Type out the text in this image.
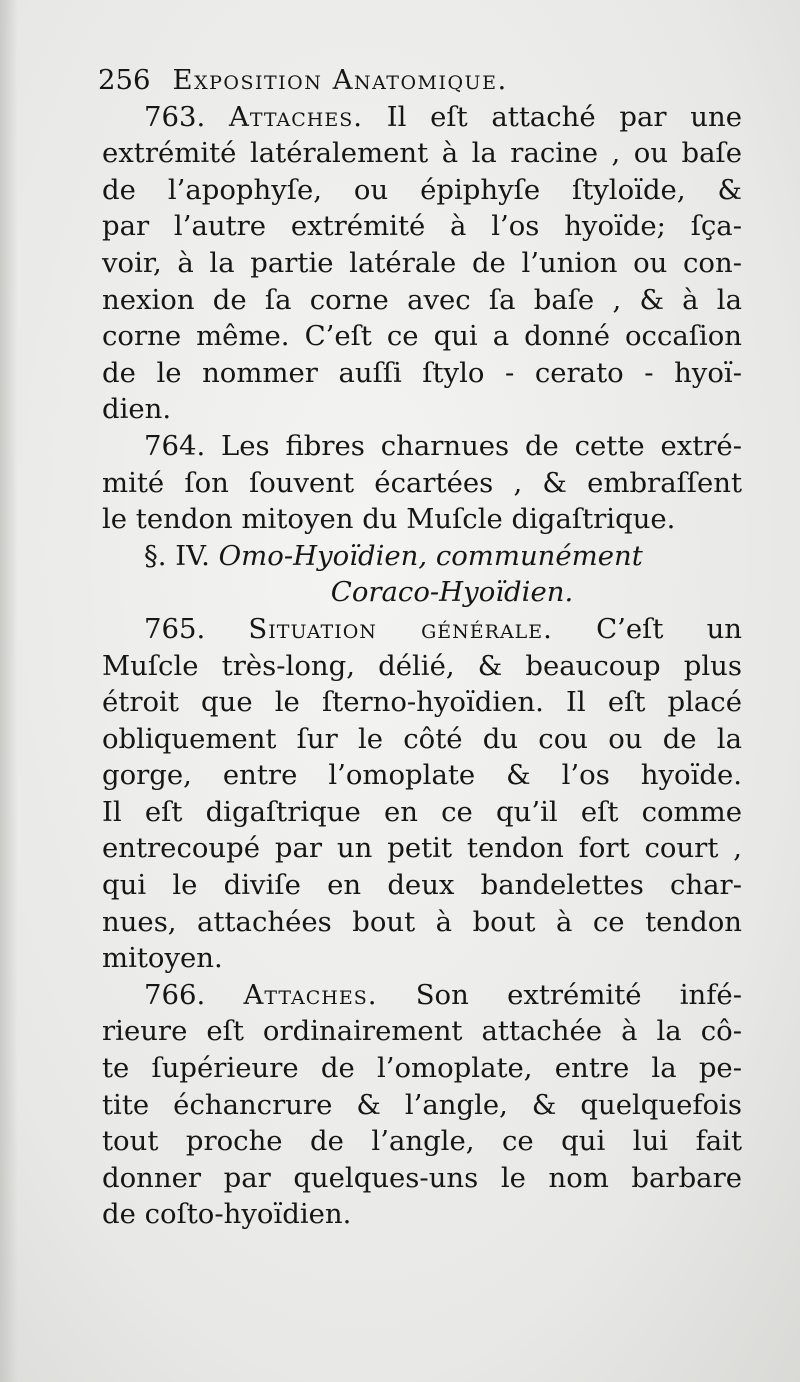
256 Exposition Anatomique.
763. Attaches. Il eſt attaché par une
extrémité latéralement à la racine , ou baſe
de l’apophyſe, ou épiphyſe ſtyloïde, &
par l’autre extrémité à l’os hyoïde; ſça-
voir, à la partie latérale de l’union ou con-
nexion de ſa corne avec ſa baſe , & à la
corne même. C’eſt ce qui a donné occaſion
de le nommer auſſi ſtylo - cerato - hyoï-
dien.
764. Les fibres charnues de cette extré-
mité ſon ſouvent écartées , & embraſſent
le tendon mitoyen du Muſcle digaſtrique.
§. IV. Omo-Hyoïdien, communément
Coraco-Hyoïdien.
765. Situation générale. C’eſt un
Muſcle très-long, délié, & beaucoup plus
étroit que le ſterno-hyoïdien. Il eſt placé
obliquement ſur le côté du cou ou de la
gorge, entre l’omoplate & l’os hyoïde.
Il eſt digaſtrique en ce qu’il eſt comme
entrecoupé par un petit tendon fort court ,
qui le diviſe en deux bandelettes char-
nues, attachées bout à bout à ce tendon
mitoyen.
766. Attaches. Son extrémité infé-
rieure eſt ordinairement attachée à la cô-
te ſupérieure de l’omoplate, entre la pe-
tite échancrure & l’angle, & quelquefois
tout proche de l’angle, ce qui lui fait
donner par quelques-uns le nom barbare
de coſto-hyoïdien.
